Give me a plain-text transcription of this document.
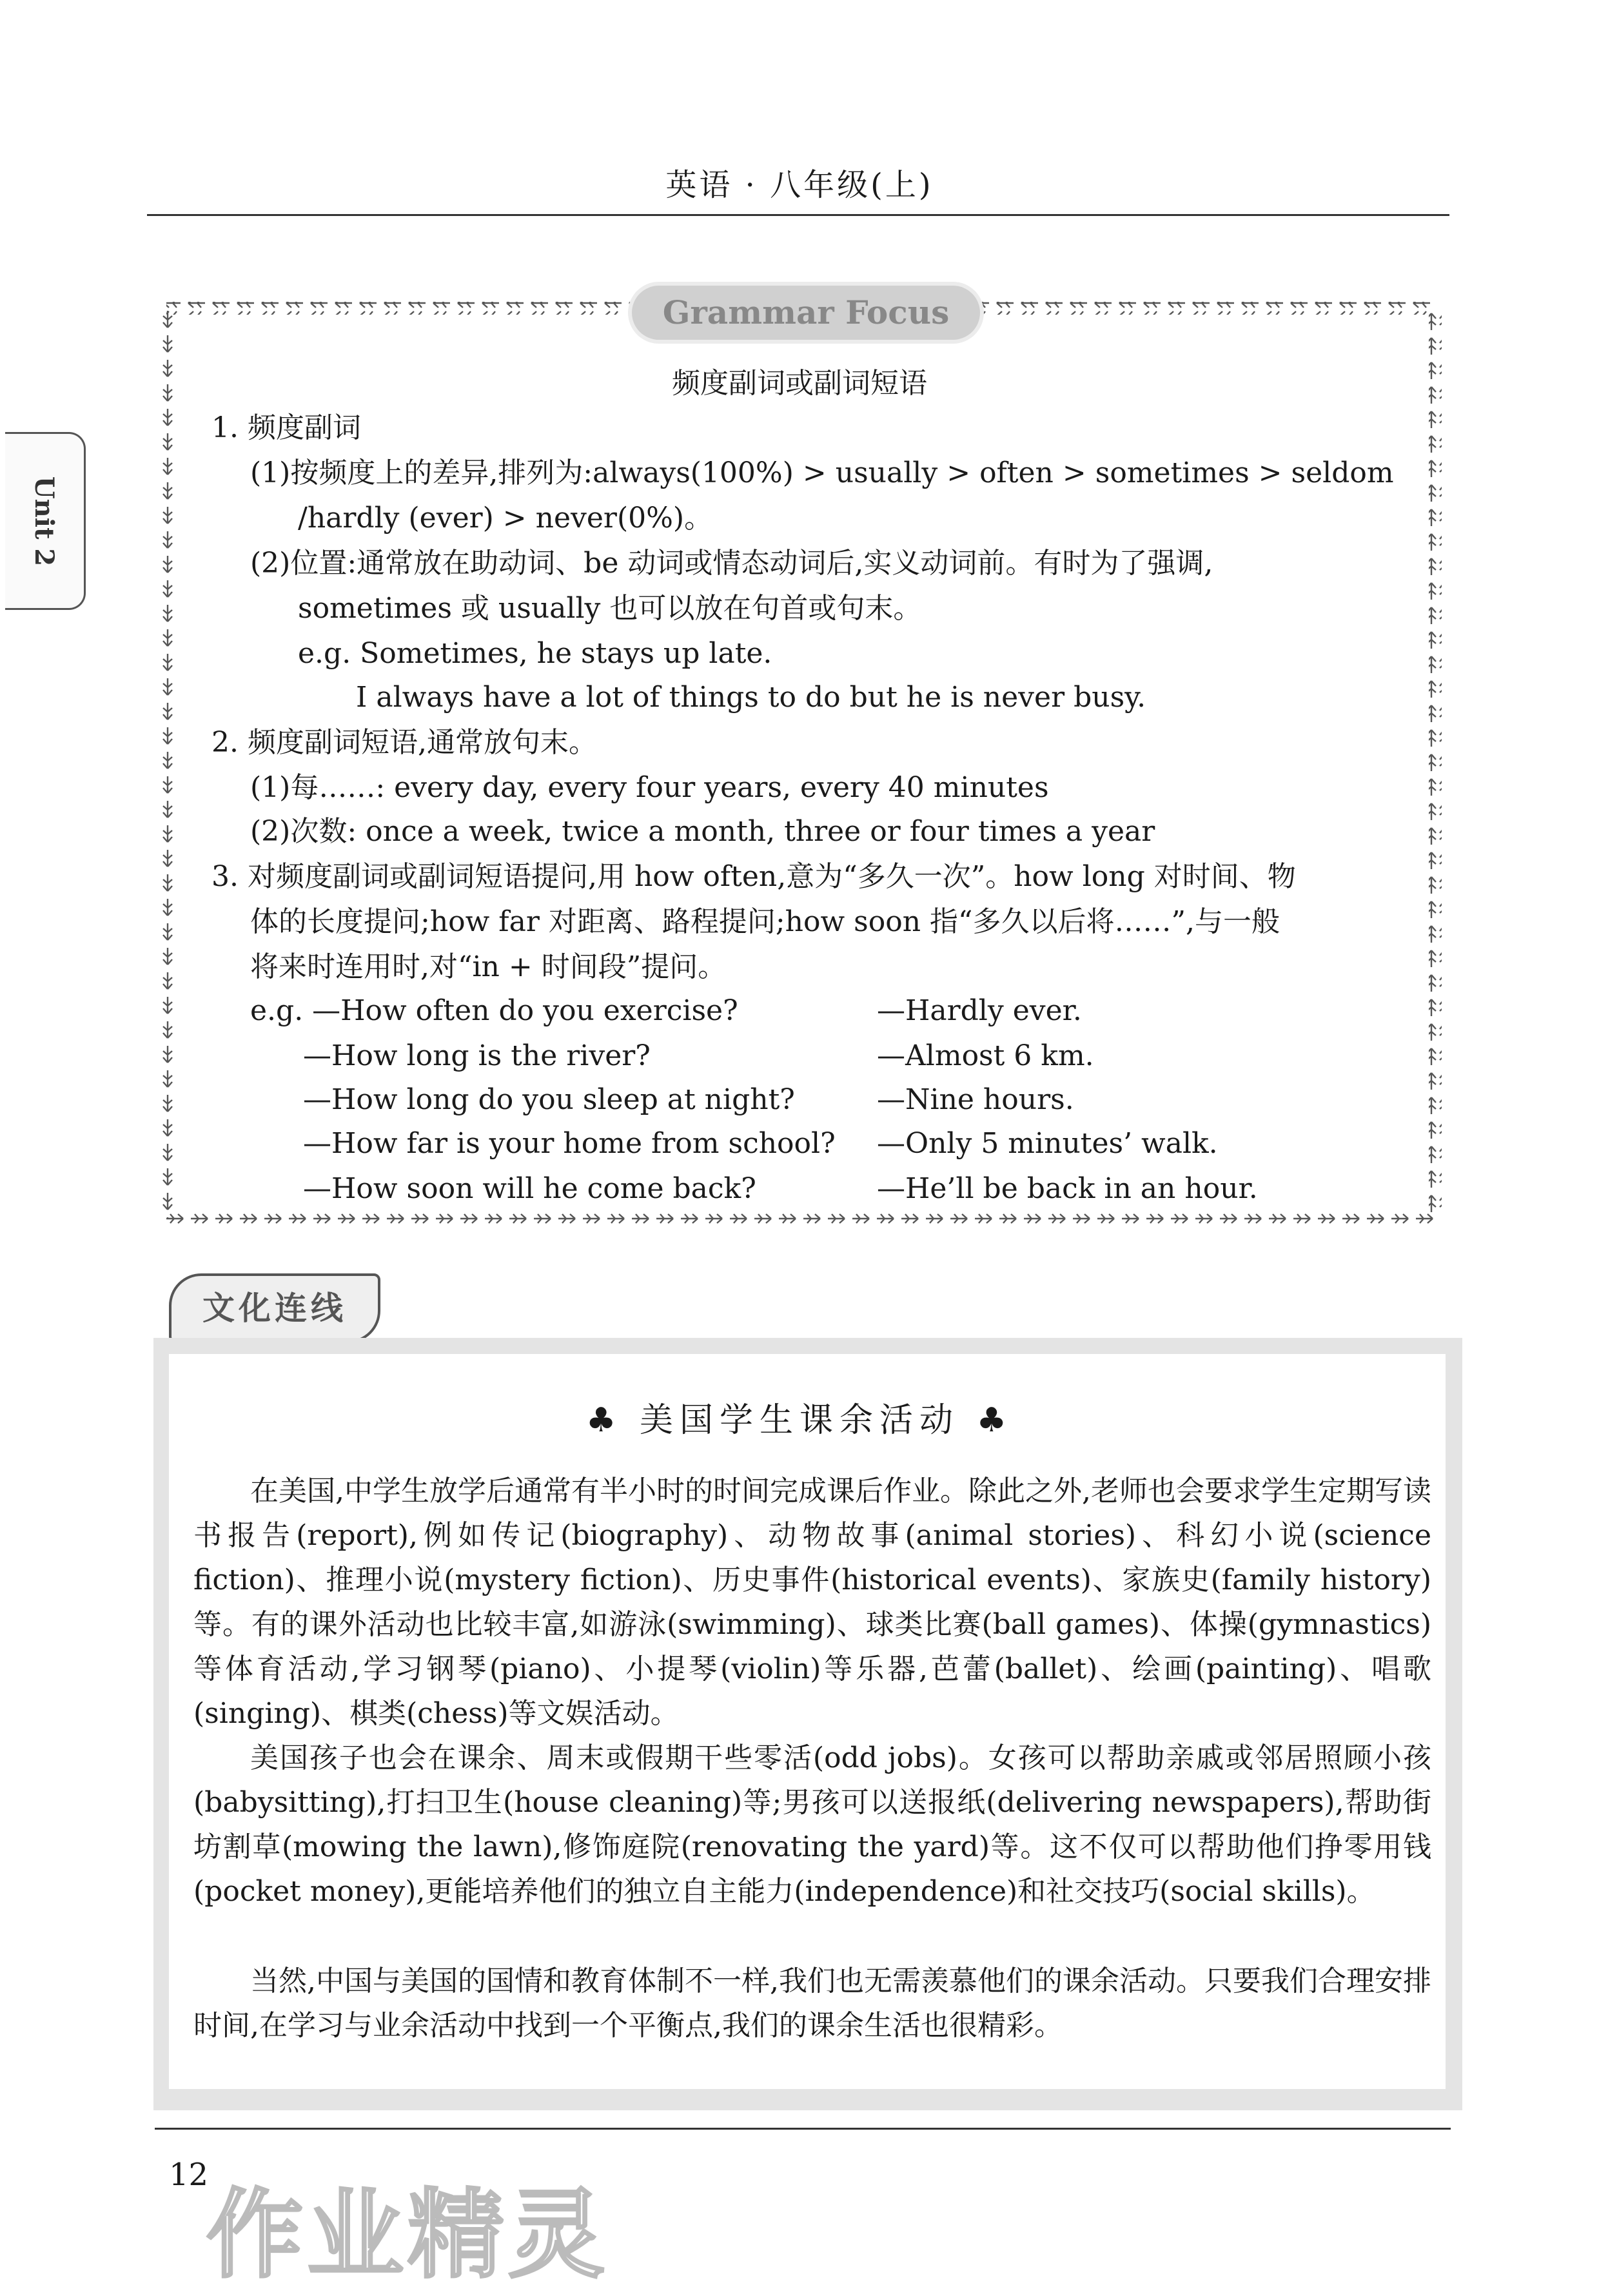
英语 · 八年级(上)
Unit 2
Grammar Focus
频度副词或副词短语
1. 频度副词
(1)按频度上的差异,排列为:always(100%) > usually > often > sometimes > seldom
/hardly (ever) > never(0%)。
(2)位置:通常放在助动词、be 动词或情态动词后,实义动词前。有时为了强调,
sometimes 或 usually 也可以放在句首或句末。
e.g. Sometimes, he stays up late.
I always have a lot of things to do but he is never busy.
2. 频度副词短语,通常放句末。
(1)每……: every day, every four years, every 40 minutes
(2)次数: once a week, twice a month, three or four times a year
3. 对频度副词或副词短语提问,用 how often,意为“多久一次”。how long 对时间、物
体的长度提问;how far 对距离、路程提问;how soon 指“多久以后将……”,与一般
将来时连用时,对“in + 时间段”提问。
e.g. —How often do you exercise?	—Hardly ever.
—How long is the river?	—Almost 6 km.
—How long do you sleep at night?	—Nine hours.
—How far is your home from school? —Only 5 minutes’ walk.
—How soon will he come back?	—He’ll be back in an hour.
文化连线
♣ 美国学生课余活动 ♣
在美国,中学生放学后通常有半小时的时间完成课后作业。除此之外,老师也会要求学生定期写读书报告(report),例如传记(biography)、动物故事(animal stories)、科幻小说(science fiction)、推理小说(mystery fiction)、历史事件(historical events)、家族史(family history)等。有的课外活动也比较丰富,如游泳(swimming)、球类比赛(ball games)、体操(gymnastics)等体育活动,学习钢琴(piano)、小提琴(violin)等乐器,芭蕾(ballet)、绘画(painting)、唱歌(singing)、棋类(chess)等文娱活动。
美国孩子也会在课余、周末或假期干些零活(odd jobs)。女孩可以帮助亲戚或邻居照顾小孩(babysitting),打扫卫生(house cleaning)等;男孩可以送报纸(delivering newspapers),帮助街坊割草(mowing the lawn),修饰庭院(renovating the yard)等。这不仅可以帮助他们挣零用钱(pocket money),更能培养他们的独立自主能力(independence)和社交技巧(social skills)。
当然,中国与美国的国情和教育体制不一样,我们也无需羡慕他们的课余活动。只要我们合理安排时间,在学习与业余活动中找到一个平衡点,我们的课余生活也很精彩。
12
作业精灵
